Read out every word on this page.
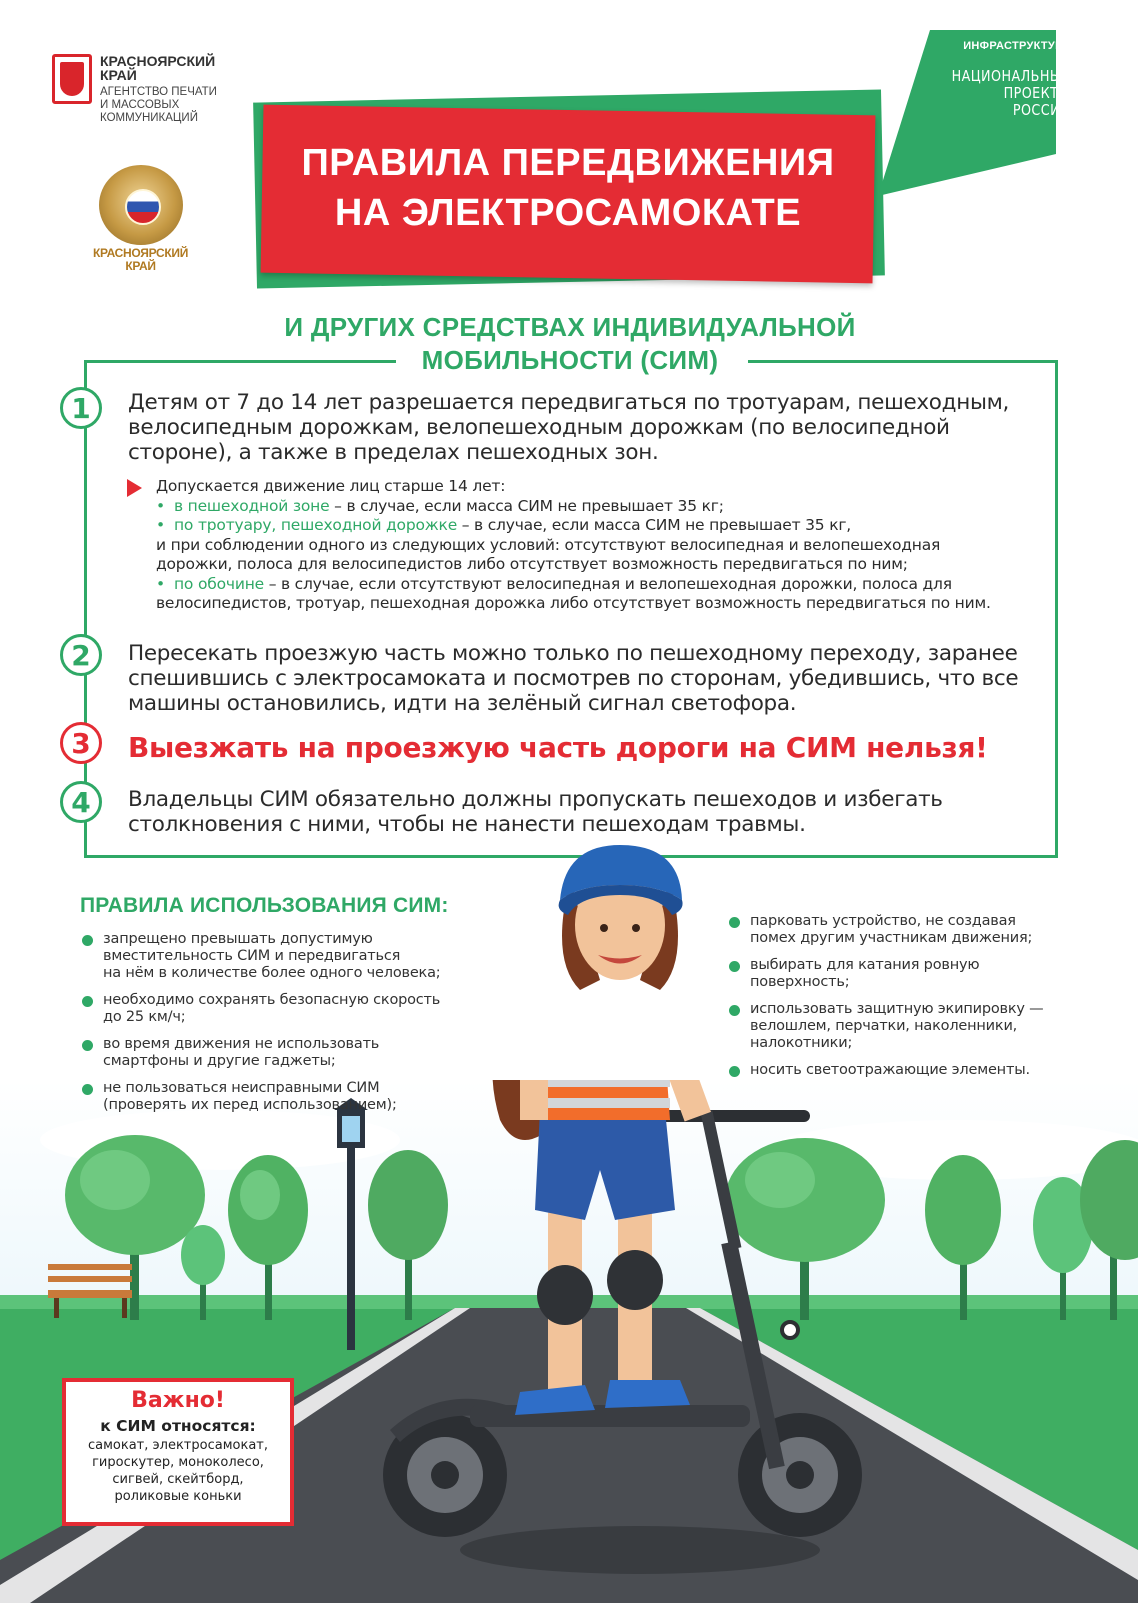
КРАСНОЯРСКИЙ
КРАЙ
АГЕНТСТВО ПЕЧАТИ
И МАССОВЫХ
КОММУНИКАЦИЙ
КРАСНОЯРСКИЙ
КРАЙ
ИНФРАСТРУКТУРА
НАЦИОНАЛЬНЫЕ
ПРОЕКТЫ
РОССИИ
ПРАВИЛА ПЕРЕДВИЖЕНИЯ
НА ЭЛЕКТРОСАМОКАТЕ
И ДРУГИХ СРЕДСТВАХ ИНДИВИДУАЛЬНОЙ
МОБИЛЬНОСТИ (СИМ)
1	Детям от 7 до 14 лет разрешается передвигаться по тротуарам, пешеходным,
велосипедным дорожкам, велопешеходным дорожкам (по велосипедной
стороне), а также в пределах пешеходных зон.
Допускается движение лиц старше 14 лет:
• в пешеходной зоне – в случае, если масса СИМ не превышает 35 кг;
• по тротуару, пешеходной дорожке – в случае, если масса СИМ не превышает 35 кг,
и при соблюдении одного из следующих условий: отсутствуют велосипедная и велопешеходная
дорожки, полоса для велосипедистов либо отсутствует возможность передвигаться по ним;
• по обочине – в случае, если отсутствуют велосипедная и велопешеходная дорожки, полоса для
велосипедистов, тротуар, пешеходная дорожка либо отсутствует возможность передвигаться по ним.
2	Пересекать проезжую часть можно только по пешеходному переходу, заранее
спешившись с электросамоката и посмотрев по сторонам, убедившись, что все
машины остановились, идти на зелёный сигнал светофора.
3	Выезжать на проезжую часть дороги на СИМ нельзя!
4	Владельцы СИМ обязательно должны пропускать пешеходов и избегать
столкновения с ними, чтобы не нанести пешеходам травмы.
ПРАВИЛА ИСПОЛЬЗОВАНИЯ СИМ:
запрещено превышать допустимую
вместительность СИМ и передвигаться
на нём в количестве более одного человека;
необходимо сохранять безопасную скорость
до 25 км/ч;
во время движения не использовать
смартфоны и другие гаджеты;
не пользоваться неисправными СИМ
(проверять их перед использованием);
парковать устройство, не создавая
помех другим участникам движения;
выбирать для катания ровную
поверхность;
использовать защитную экипировку —
велошлем, перчатки, наколенники,
налокотники;
носить светоотражающие элементы.
Важно!
к СИМ относятся:
самокат, электросамокат,
гироскутер, моноколесо,
сигвей, скейтборд,
роликовые коньки
